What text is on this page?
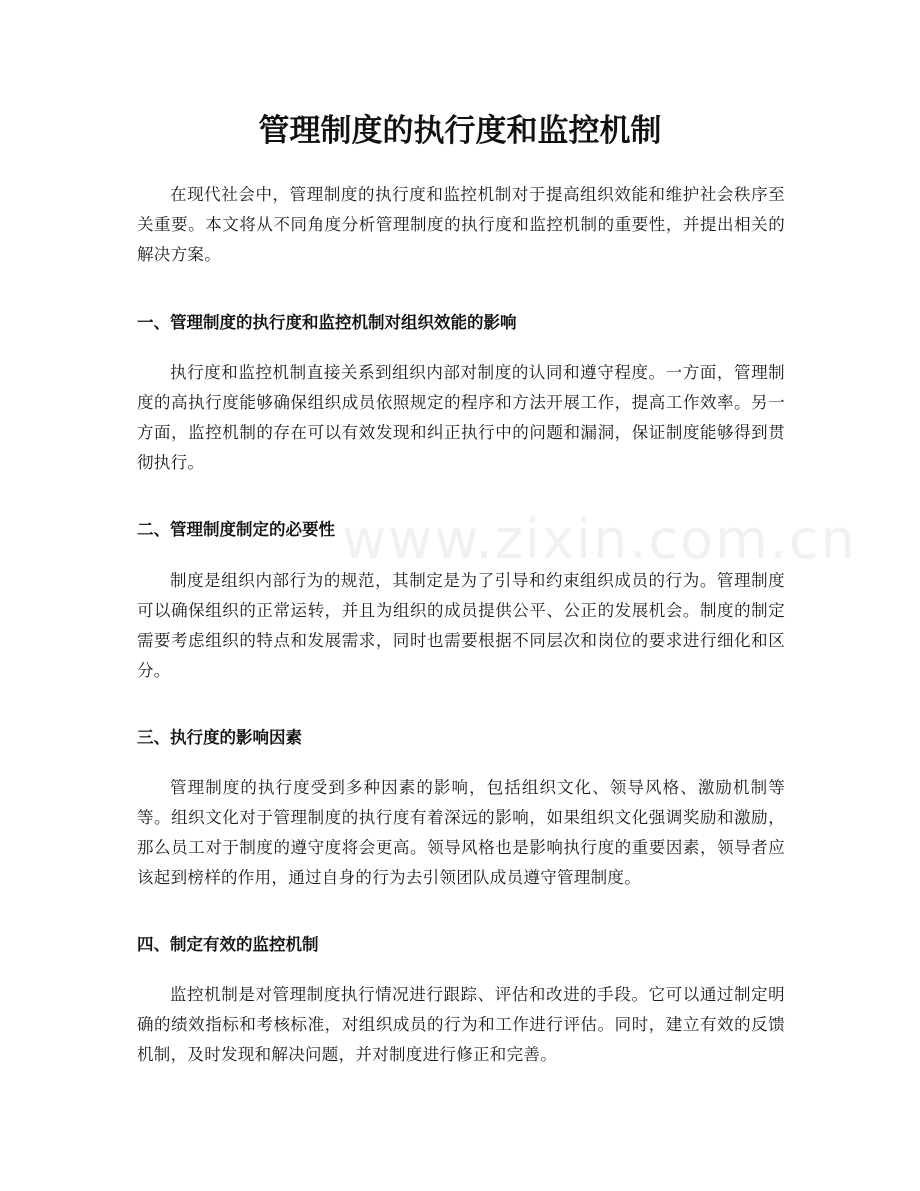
www.zixin.com.cn
管理制度的执行度和监控机制

在现代社会中，管理制度的执行度和监控机制对于提高组织效能和维护社会秩序至关重要。本文将从不同角度分析管理制度的执行度和监控机制的重要性，并提出相关的解决方案。

一、管理制度的执行度和监控机制对组织效能的影响

执行度和监控机制直接关系到组织内部对制度的认同和遵守程度。一方面，管理制度的高执行度能够确保组织成员依照规定的程序和方法开展工作，提高工作效率。另一方面，监控机制的存在可以有效发现和纠正执行中的问题和漏洞，保证制度能够得到贯彻执行。

二、管理制度制定的必要性

制度是组织内部行为的规范，其制定是为了引导和约束组织成员的行为。管理制度可以确保组织的正常运转，并且为组织的成员提供公平、公正的发展机会。制度的制定需要考虑组织的特点和发展需求，同时也需要根据不同层次和岗位的要求进行细化和区分。

三、执行度的影响因素

管理制度的执行度受到多种因素的影响，包括组织文化、领导风格、激励机制等等。组织文化对于管理制度的执行度有着深远的影响，如果组织文化强调奖励和激励，那么员工对于制度的遵守度将会更高。领导风格也是影响执行度的重要因素，领导者应该起到榜样的作用，通过自身的行为去引领团队成员遵守管理制度。

四、制定有效的监控机制

监控机制是对管理制度执行情况进行跟踪、评估和改进的手段。它可以通过制定明确的绩效指标和考核标准，对组织成员的行为和工作进行评估。同时，建立有效的反馈机制，及时发现和解决问题，并对制度进行修正和完善。
